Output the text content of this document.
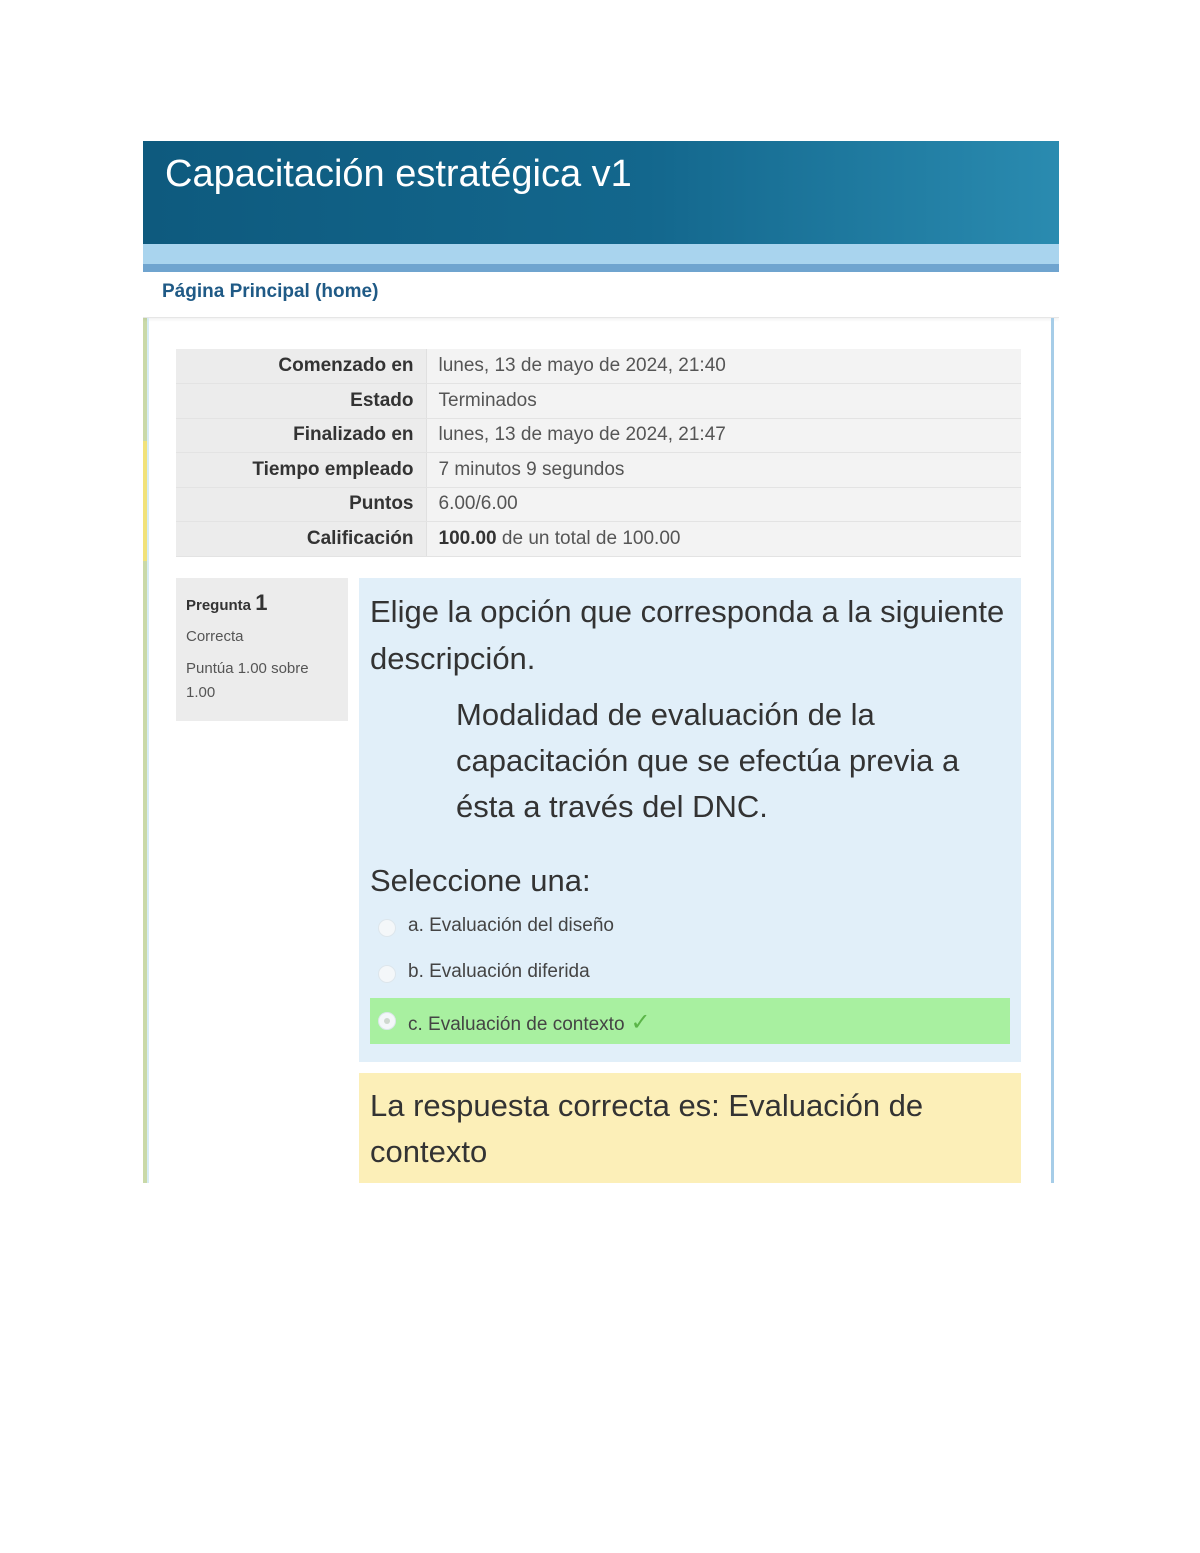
Capacitación estratégica v1
Página Principal (home)
Comenzado en	lunes, 13 de mayo de 2024, 21:40
Estado	Terminados
Finalizado en	lunes, 13 de mayo de 2024, 21:47
Tiempo empleado	7 minutos 9 segundos
Puntos	6.00/6.00
Calificación	100.00 de un total de 100.00
Pregunta 1
Correcta
Puntúa 1.00 sobre 1.00
Elige la opción que corresponda a la siguiente descripción.
Modalidad de evaluación de la capacitación que se efectúa previa a ésta a través del DNC.
Seleccione una:
a. Evaluación del diseño
b. Evaluación diferida
c. Evaluación de contexto ✓
La respuesta correcta es: Evaluación de contexto
